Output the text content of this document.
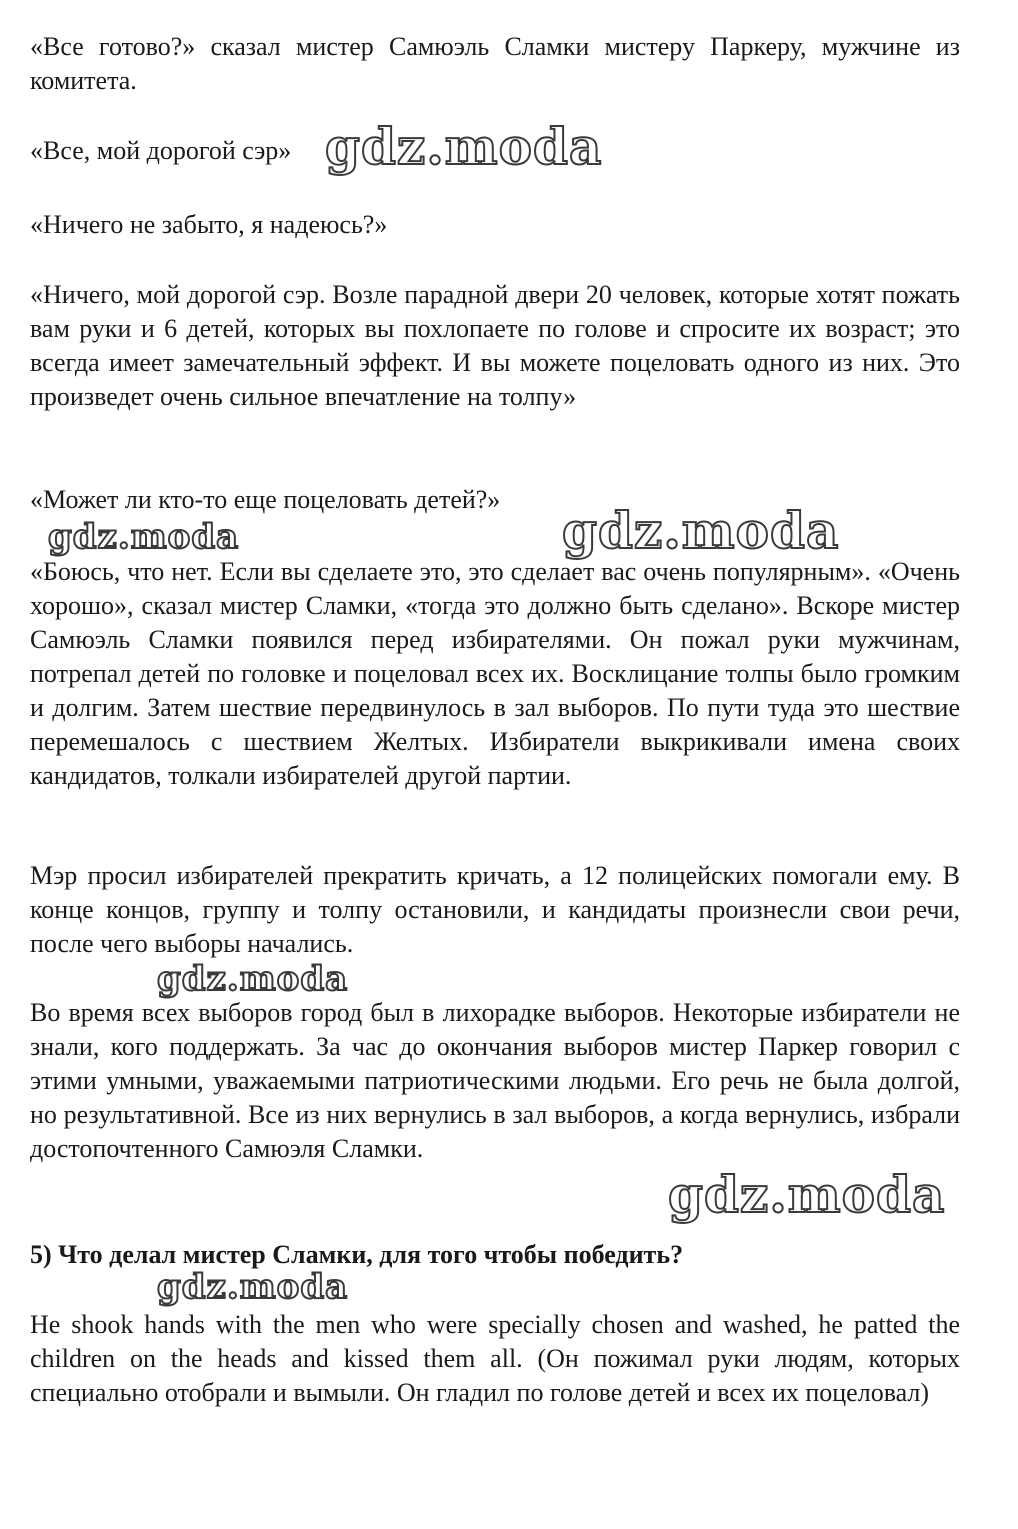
«Все готово?» сказал мистер Самюэль Сламки мистеру Паркеру, мужчине из комитета.

«Все, мой дорогой сэр»

«Ничего не забыто, я надеюсь?»

«Ничего, мой дорогой сэр. Возле парадной двери 20 человек, которые хотят пожать вам руки и 6 детей, которых вы похлопаете по голове и спросите их возраст; это всегда имеет замечательный эффект. И вы можете поцеловать одного из них. Это произведет очень сильное впечатление на толпу»

«Может ли кто-то еще поцеловать детей?»

«Боюсь, что нет. Если вы сделаете это, это сделает вас очень популярным». «Очень хорошо», сказал мистер Сламки, «тогда это должно быть сделано». Вскоре мистер Самюэль Сламки появился перед избирателями. Он пожал руки мужчинам, потрепал детей по головке и поцеловал всех их. Восклицание толпы было громким и долгим. Затем шествие передвинулось в зал выборов. По пути туда это шествие перемешалось с шествием Желтых. Избиратели выкрикивали имена своих кандидатов, толкали избирателей другой партии.

Мэр просил избирателей прекратить кричать, а 12 полицейских помогали ему. В конце концов, группу и толпу остановили, и кандидаты произнесли свои речи, после чего выборы начались.

Во время всех выборов город был в лихорадке выборов. Некоторые избиратели не знали, кого поддержать. За час до окончания выборов мистер Паркер говорил с этими умными, уважаемыми патриотическими людьми. Его речь не была долгой, но результативной. Все из них вернулись в зал выборов, а когда вернулись, избрали достопочтенного Самюэля Сламки.

5) Что делал мистер Сламки, для того чтобы победить?

He shook hands with the men who were specially chosen and washed, he patted the children on the heads and kissed them all. (Он пожимал руки людям, которых специально отобрали и вымыли. Он гладил по голове детей и всех их поцеловал)

gdz.moda
gdz.moda	gdz.moda
gdz.moda
gdz.moda
gdz.moda
